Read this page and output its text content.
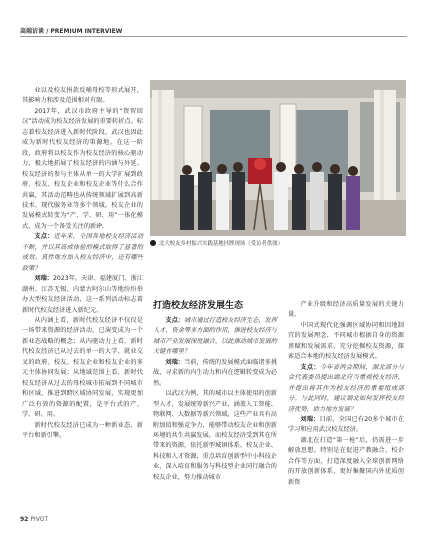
高端访谈 / PREMIUM INTERVIEW

业以及校友捐款反哺母校等形式展开，其影响力和涉及范围相对有限。

2017年，武汉市政府主导的“资智回汉”活动成为校友经济发展的重要转折点。标志着校友经济进入新时代阶段，武汉也因此成为新时代校友经济的策源地。在这一阶段，政府将以校友作为校友经济的核心驱动力，极大地拓展了校友经济的内涵与外延。校友经济的参与主体从单一的大学扩展到政府、校友、校友企业和校友企业等什么合作共赢，其活动范畴也从传统领域扩展到高新技术、现代服务业等多个领域。校友企业的发展模式转变为“产、学、研、用”一体化模式，成为一个备受关注的新IP。

支点：近年来，全国各地校友经济活动不断，并以其高成体验的模式取得了显著的成效。真性地方加入校友经济中，还有哪些政策？

刘瑞：2023年，天津、福建厦门、浙江湖州、江苏无锡、内蒙古阿尔山等地纷纷举办大型校友经济活动，这一系列活动标志着新时代校友经济进入新纪元。

从内涵上看，新时代校友经济不仅仅是一场带来资源的经济活动，已演变成为一个新业态战略的概念；从内驱动力上看，新时代校友经济已从过去的单一的大学、就业交叉的政府、校友、校友企业和校友企业的多元主体协同发展；从地域范围上看，新时代校友经济从过去的母校城市拓展到不同城市和区域，推进到跨区域协同发展，实现更加广泛有效的资源的配置，是平台式的产、学、研、用。

新时代校友经济已成为一种新业态、新平台和新引擎。

北大校友乡村振兴实践基地挂牌现场（受访者供图）
打造校友经济发展生态

支点：城市通过打造校友经济生态，发挥人才、资金等多方面的作用，推进校友经济与城市产业发展深度融合，以此推动城市发展的关键在哪里？

刘瑞：当前，传统的发展模式面临诸多挑战，寻求新的内生动力和内在逻辑转变成为必然。

以武汉为例，其的城市以主体使用的创新型人才，发展统筹新兴产业，涵盖人工智能、物联网、大数据等新兴领域，这些产业具有高附加值和强竞争力，能够带动校友企业和创新环境的共生共赢发展。而校友经济受到其在所带来的资源，依托新型城镇体系、校友企业、科技和人才资源，重点培育创新型中小科技企业，深入培育和服务与科技型企业同行融合的校友企业，努力推动城市

产业升级和经济高质量发展的关键力量。

中国式现代化强调区域协同和因地制宜的发展理念，不同城市根据自身的资源禀赋和发展需求，充分挖掘校友资源，探索适合本地的校友经济发展模式。

支点：今年省两会期间，湖北部分与会代表委员提出湖北应当重视校友经济，并提出将其作为校友经济的重要组成部分。与此同时，建议湖北如何发挥校友经济优势，助力地方发展？

刘瑞：目前，全国已有20多个城市在学习和应用武汉校友经济。

湖北在打造“第一枪”后，仍需进一步解放思想。特别是在促进产教融合、校企合作等方面，打造深度融入全球创新网络的开放创新体系，更好集聚国内外优质创新资

92 PIVOT
